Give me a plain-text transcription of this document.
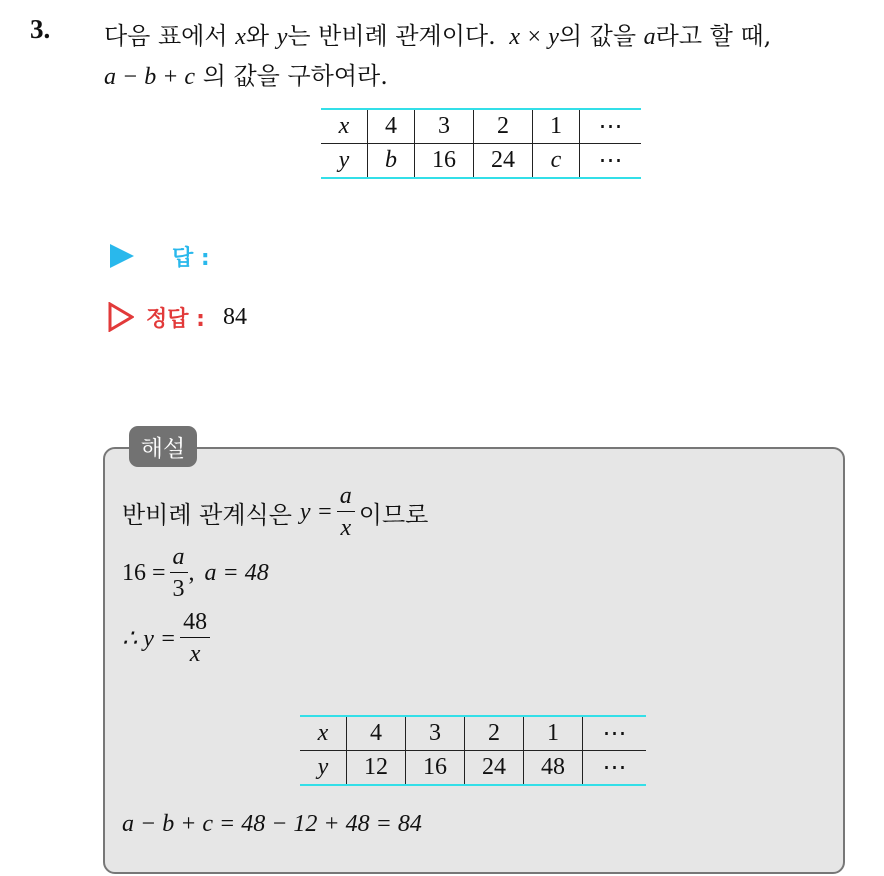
3. 다음 표에서 x와 y는 반비례 관계이다. x × y의 값을 a라고 할 때,
a − b + c 의 값을 구하여라.
x	4	3	2	1	⋯
y	b	16	24	c	⋯
답 :
정답 : 84
해설
반비례 관계식은 $y = \frac{a}{x}$ 이므로
$16 = \frac{a}{3}$ , a = 48
∴ $y = \frac{48}{x}$
x	4	3	2	1	⋯
y	12	16	24	48	⋯
a − b + c = 48 − 12 + 48 = 84
